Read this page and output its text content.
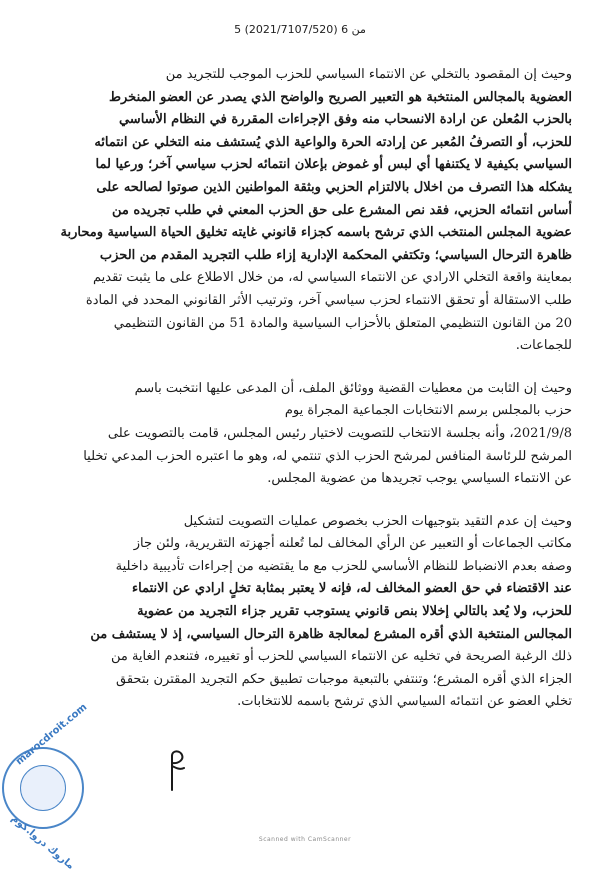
5 من 6 (2021/7107/520)

وحيث إن المقصود بالتخلي عن الانتماء السياسي للحزب الموجب للتجريد من

العضوية بالمجالس المنتخبة هو التعبير الصريح والواضح الذي يصدر عن العضو المنخرط

بالحزب المُعلن عن ارادة الانسحاب منه وفق الإجراءات المقررة في النظام الأساسي

للحزب، أو التصرفُ المُعبر عن إرادته الحرة والواعية الذي يُستشف منه التخلي عن انتمائه

السياسي بكيفية لا يكتنفها أي لبس أو غموض بإعلان انتمائه لحزب سياسي آخر؛ ورعيا لما

يشكله هذا التصرف من اخلال بالالتزام الحزبي وبثقة المواطنين الذين صوتوا لصالحه على

أساس انتمائه الحزبي، فقد نص المشرع على حق الحزب المعني في طلب تجريده من

عضوية المجلس المنتخب الذي ترشح باسمه كجزاء قانوني غايته تخليق الحياة السياسية ومحاربة

ظاهرة الترحال السياسي؛ وتكتفي المحكمة الإدارية إزاء طلب التجريد المقدم من الحزب

بمعاينة واقعة التخلي الارادي عن الانتماء السياسي له، من خلال الاطلاع على ما يثبت تقديم

طلب الاستقالة أو تحقق الانتماء لحزب سياسي آخر، وترتيب الأثر القانوني المحدد في المادة

20 من القانون التنظيمي المتعلق بالأحزاب السياسية والمادة 51 من القانون التنظيمي

للجماعات.

وحيث إن الثابت من معطيات القضية ووثائق الملف، أن المدعى عليها انتخبت باسم

حزب بالمجلس برسم الانتخابات الجماعية المجراة يوم

2021/9/8، وأنه بجلسة الانتخاب للتصويت لاختيار رئيس المجلس، قامت بالتصويت على

المرشح للرئاسة المنافس لمرشح الحزب الذي تنتمي له، وهو ما اعتبره الحزب المدعي تخليا

عن الانتماء السياسي يوجب تجريدها من عضوية المجلس.

وحيث إن عدم التقيد بتوجيهات الحزب بخصوص عمليات التصويت لتشكيل

مكاتب الجماعات أو التعبير عن الرأي المخالف لما تُعلنه أجهزته التقريرية، ولئن جاز

وصفه بعدم الانضباط للنظام الأساسي للحزب مع ما يقتضيه من إجراءات تأديبية داخلية

عند الاقتضاء في حق العضو المخالف له، فإنه لا يعتبر بمثابة تخلٍ ارادي عن الانتماء

للحزب، ولا يُعد بالتالي إخلالا بنص قانوني يستوجب تقرير جزاء التجريد من عضوية

المجالس المنتخبة الذي أقره المشرع لمعالجة ظاهرة الترحال السياسي، إذ لا يستشف من

ذلك الرغبة الصريحة في تخليه عن الانتماء السياسي للحزب أو تغييره، فتنعدم الغاية من

الجزاء الذي أقره المشرع؛ وتنتفي بالتبعية موجبات تطبيق حكم التجريد المقترن بتحقق

تخلي العضو عن انتمائه السياسي الذي ترشح باسمه للانتخابات.

marocdroit.com
ماروك دروا.كوم	Scanned with CamScanner
